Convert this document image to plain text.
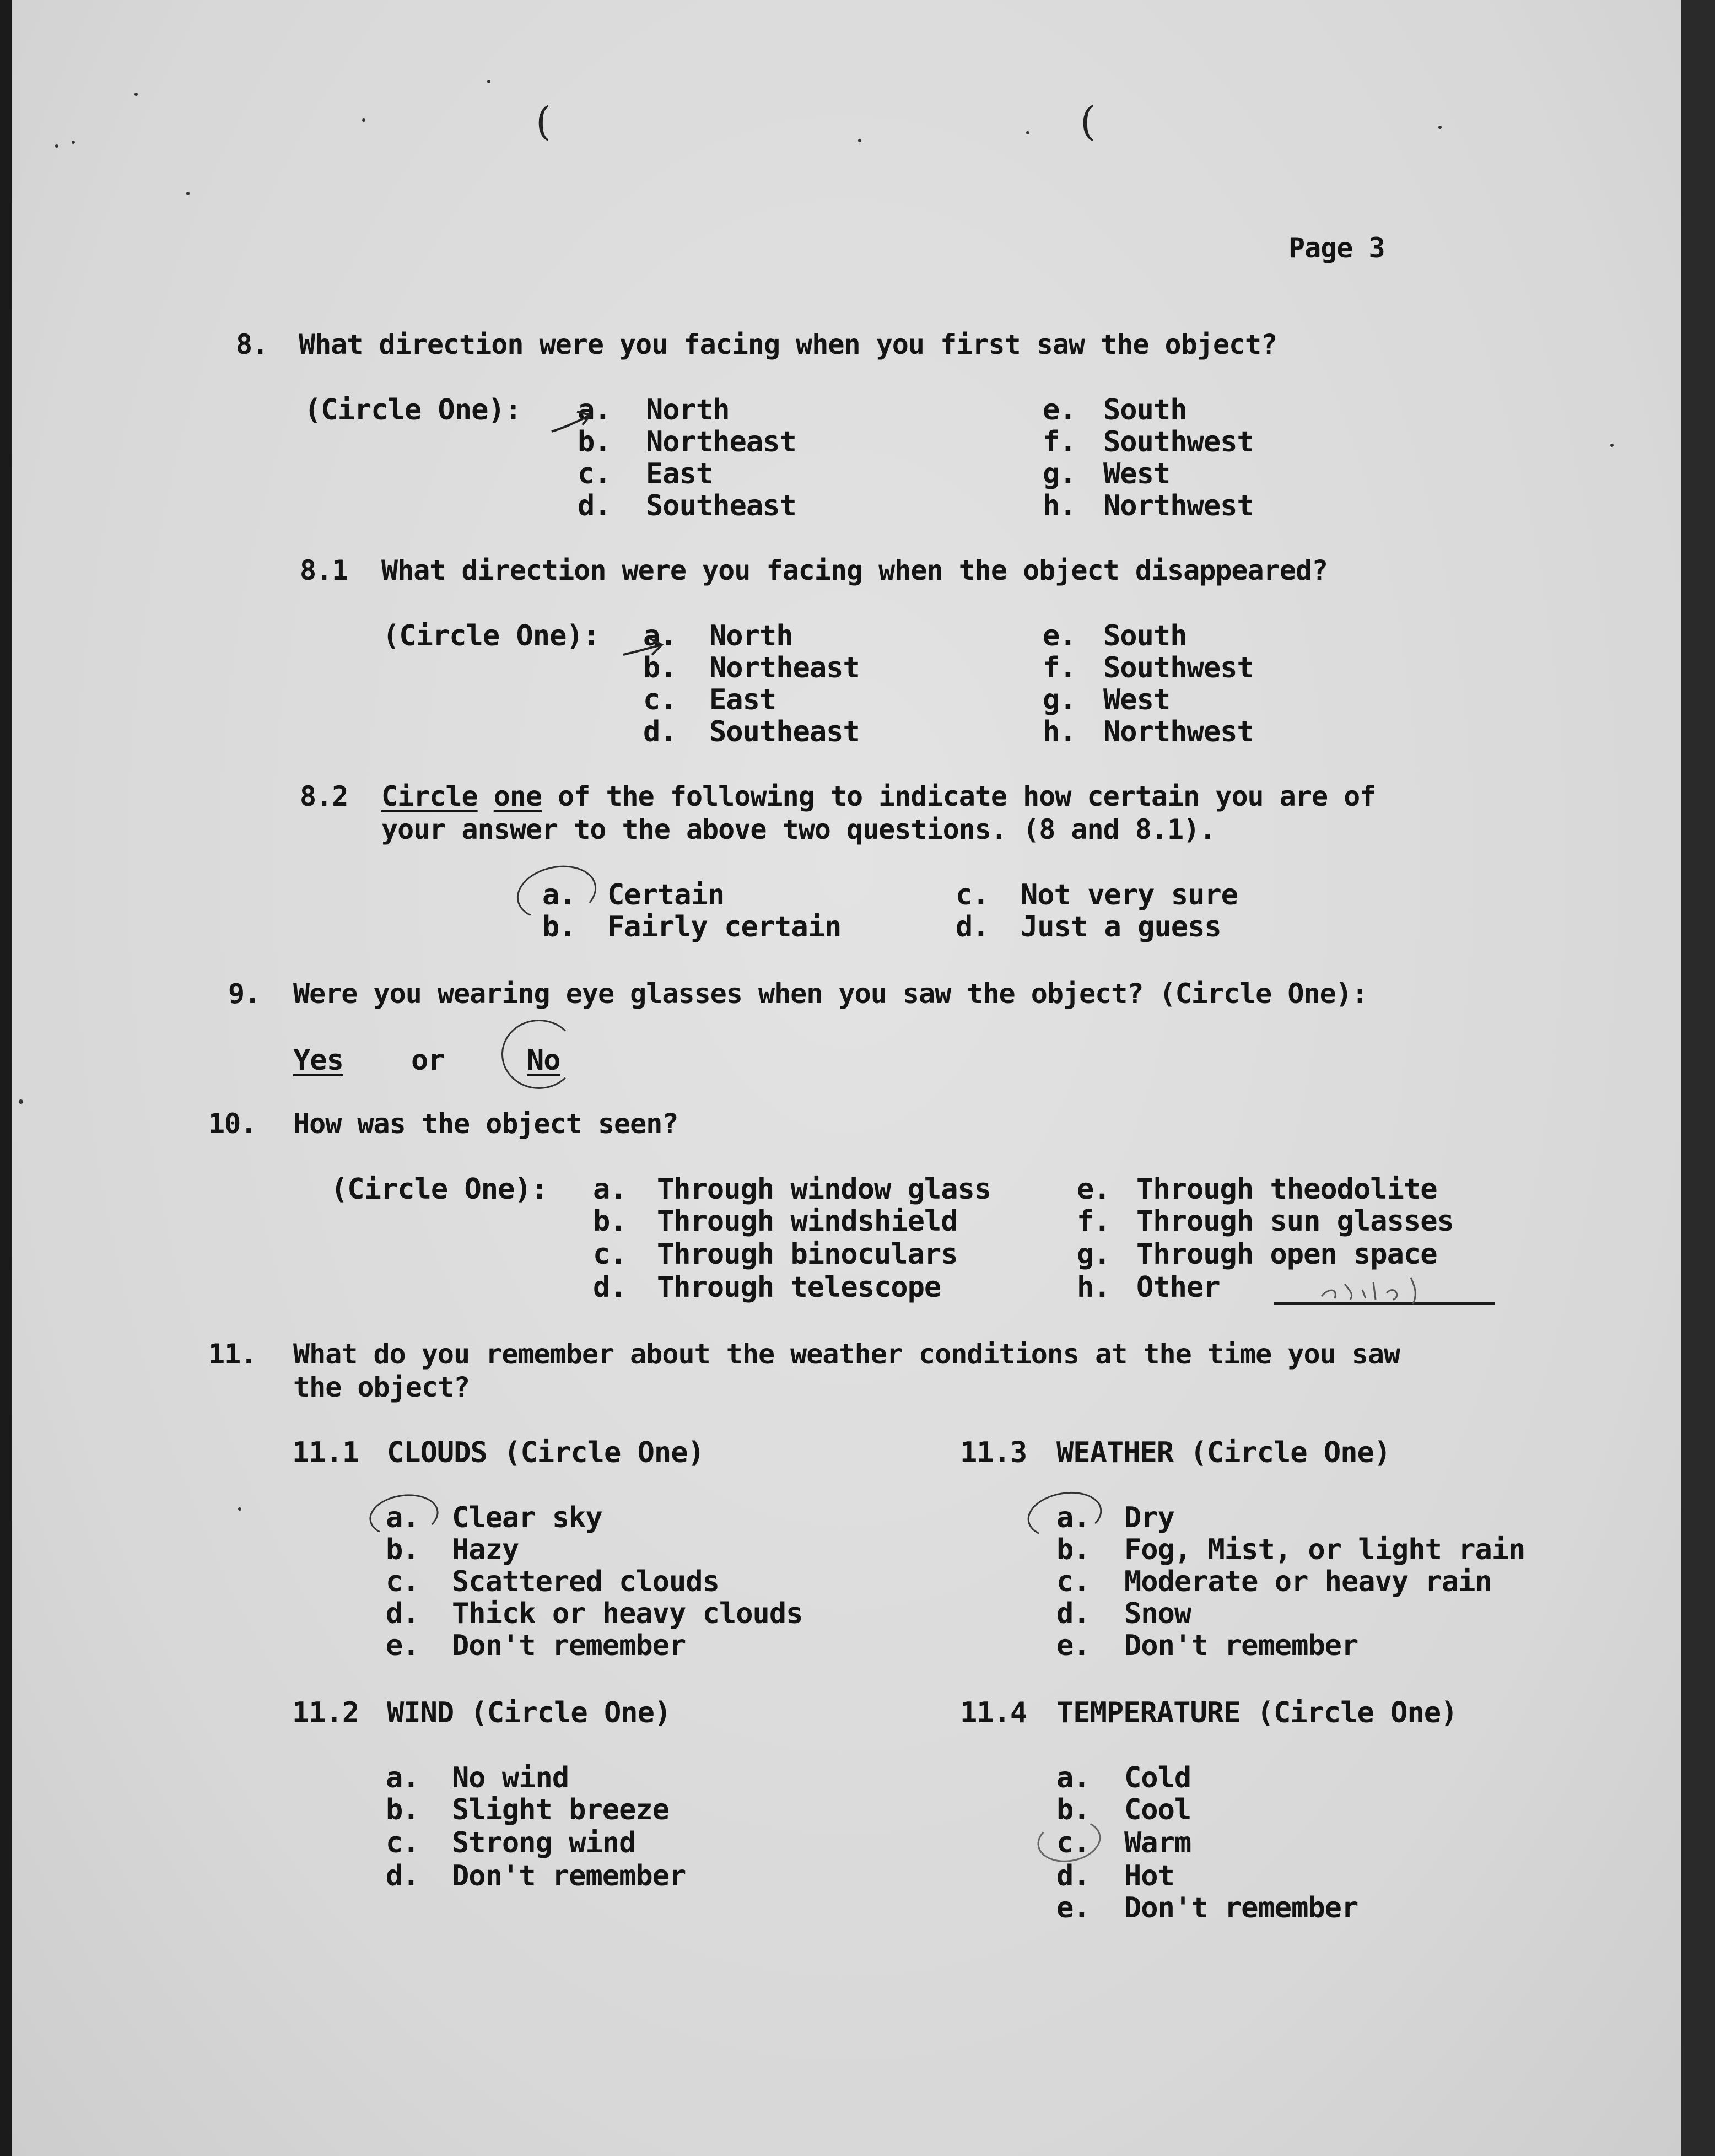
(	(
Page 3
8. What direction were you facing when you first saw the object?
(Circle One): a. North
b. Northeast
c. East
d. Southeast
e. South
f. Southwest
g. West
h. Northwest
8.1 What direction were you facing when the object disappeared?
(Circle One): a. North
b. Northeast
c. East
d. Southeast
e. South
f. Southwest
g. West
h. Northwest
8.2 Circle one of the following to indicate how certain you are of
your answer to the above two questions. (8 and 8.1).
a. Certain
b. Fairly certain
c. Not very sure
d. Just a guess
9. Were you wearing eye glasses when you saw the object? (Circle One):
Yes or	No
10. How was the object seen?
(Circle One): a. Through window glass
b. Through windshield
c. Through binoculars
d. Through telescope
e. Through theodolite
f. Through sun glasses
g. Through open space
h. Other
11. What do you remember about the weather conditions at the time you saw
the object?
11.1 CLOUDS (Circle One)
a. Clear sky
b. Hazy
c. Scattered clouds
d. Thick or heavy clouds
e. Don't remember
11.2 WIND (Circle One)
a. No wind
b. Slight breeze
c. Strong wind
d. Don't remember
11.3 WEATHER (Circle One)
a. Dry
b. Fog, Mist, or light rain
c. Moderate or heavy rain
d. Snow
e. Don't remember
11.4 TEMPERATURE (Circle One)
a. Cold
b. Cool
c. Warm
d. Hot
e. Don't remember
